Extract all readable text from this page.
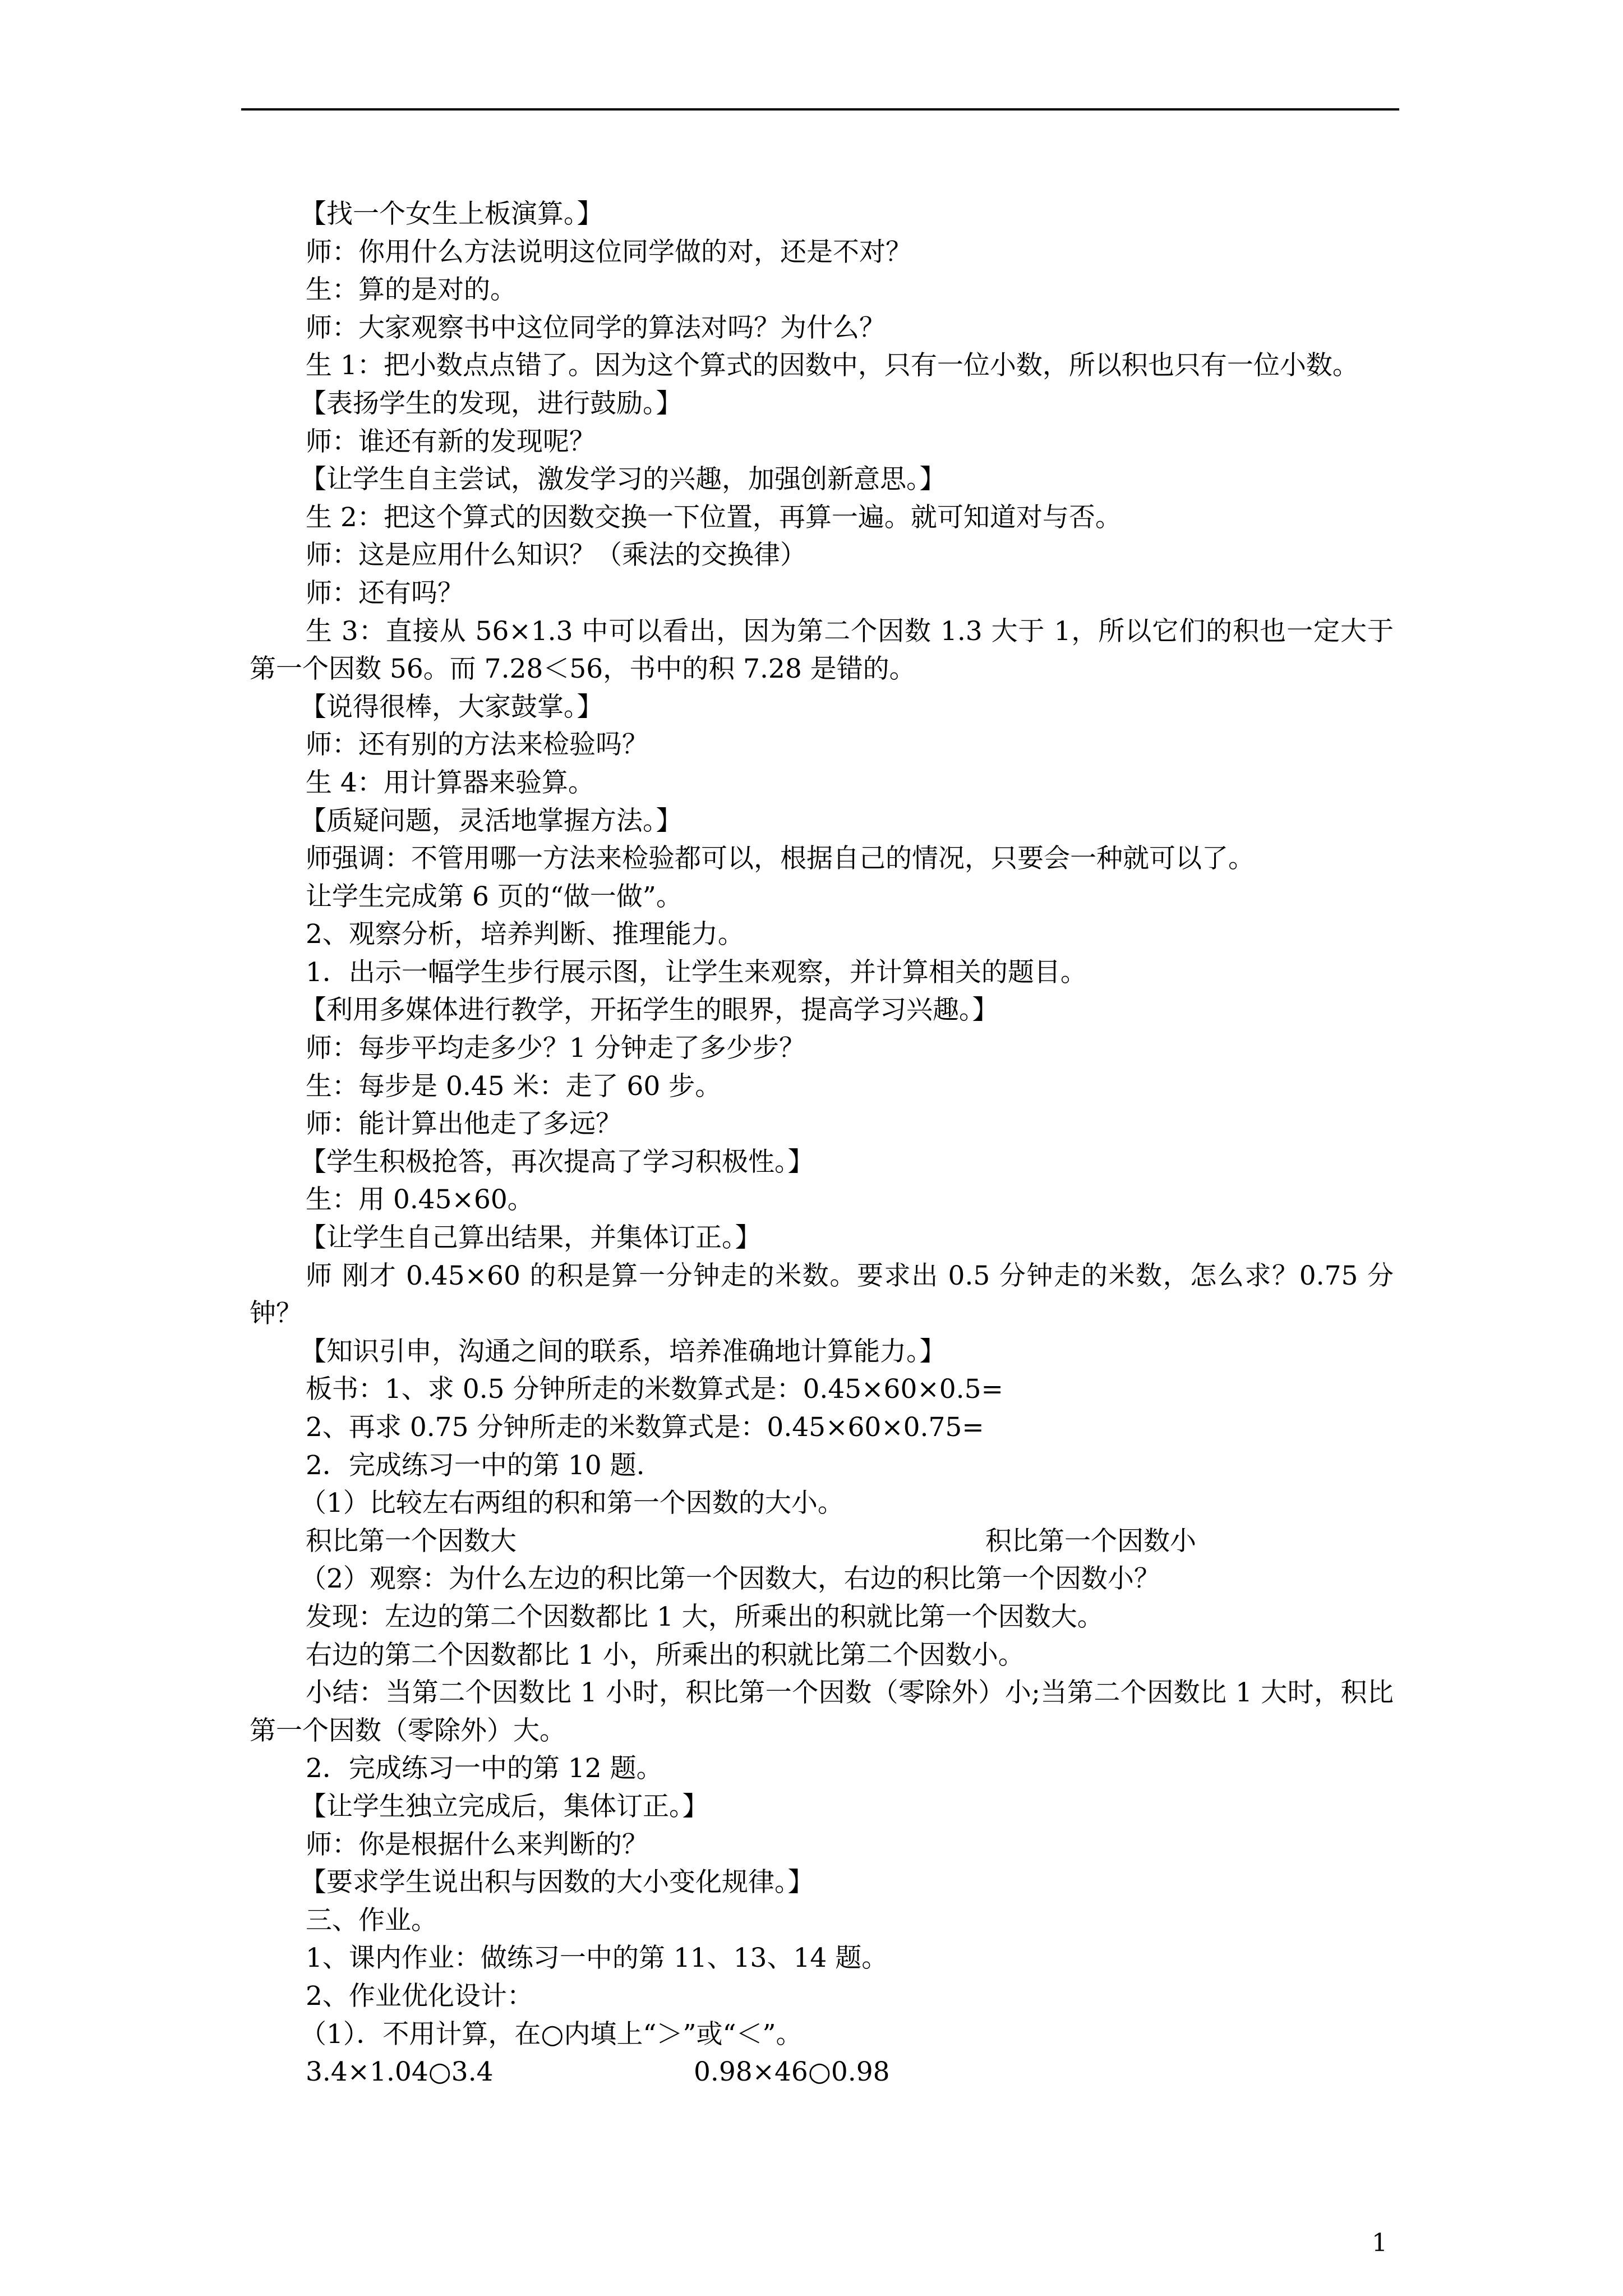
【找一个女生上板演算。】
师：你用什么方法说明这位同学做的对，还是不对？
生：算的是对的。
师：大家观察书中这位同学的算法对吗？为什么？
生 1：把小数点点错了。因为这个算式的因数中，只有一位小数，所以积也只有一位小数。
【表扬学生的发现，进行鼓励。】
师：谁还有新的发现呢？
【让学生自主尝试，激发学习的兴趣，加强创新意思。】
生 2：把这个算式的因数交换一下位置，再算一遍。就可知道对与否。
师：这是应用什么知识？（乘法的交换律）
师：还有吗？
生 3：直接从 56×1.3 中可以看出，因为第二个因数 1.3 大于 1，所以它们的积也一定大于第一个因数 56。而 7.28＜56，书中的积 7.28 是错的。
【说得很棒，大家鼓掌。】
师：还有别的方法来检验吗？
生 4：用计算器来验算。
【质疑问题，灵活地掌握方法。】
师强调：不管用哪一方法来检验都可以，根据自己的情况，只要会一种就可以了。
让学生完成第 6 页的“做一做”。
2、观察分析，培养判断、推理能力。
1．出示一幅学生步行展示图，让学生来观察，并计算相关的题目。
【利用多媒体进行教学，开拓学生的眼界，提高学习兴趣。】
师：每步平均走多少？1 分钟走了多少步？
生：每步是 0.45 米：走了 60 步。
师：能计算出他走了多远？
【学生积极抢答，再次提高了学习积极性。】
生：用 0.45×60。
【让学生自己算出结果，并集体订正。】
师 刚才 0.45×60 的积是算一分钟走的米数。要求出 0.5 分钟走的米数，怎么求？0.75 分钟？
【知识引申，沟通之间的联系，培养准确地计算能力。】
板书：1、求 0.5 分钟所走的米数算式是：0.45×60×0.5=
2、再求 0.75 分钟所走的米数算式是：0.45×60×0.75=
2．完成练习一中的第 10 题.
（1）比较左右两组的积和第一个因数的大小。
积比第一个因数大	积比第一个因数小
（2）观察：为什么左边的积比第一个因数大，右边的积比第一个因数小？
发现：左边的第二个因数都比 1 大，所乘出的积就比第一个因数大。
右边的第二个因数都比 1 小，所乘出的积就比第二个因数小。
小结：当第二个因数比 1 小时，积比第一个因数（零除外）小;当第二个因数比 1 大时，积比第一个因数（零除外）大。
2．完成练习一中的第 12 题。
【让学生独立完成后，集体订正。】
师：你是根据什么来判断的？
【要求学生说出积与因数的大小变化规律。】
三、作业。
1、课内作业：做练习一中的第 11、13、14 题。
2、作业优化设计：
（1）．不用计算，在○内填上“＞”或“＜”。
3.4×1.04○3.4	0.98×46○0.98
1
